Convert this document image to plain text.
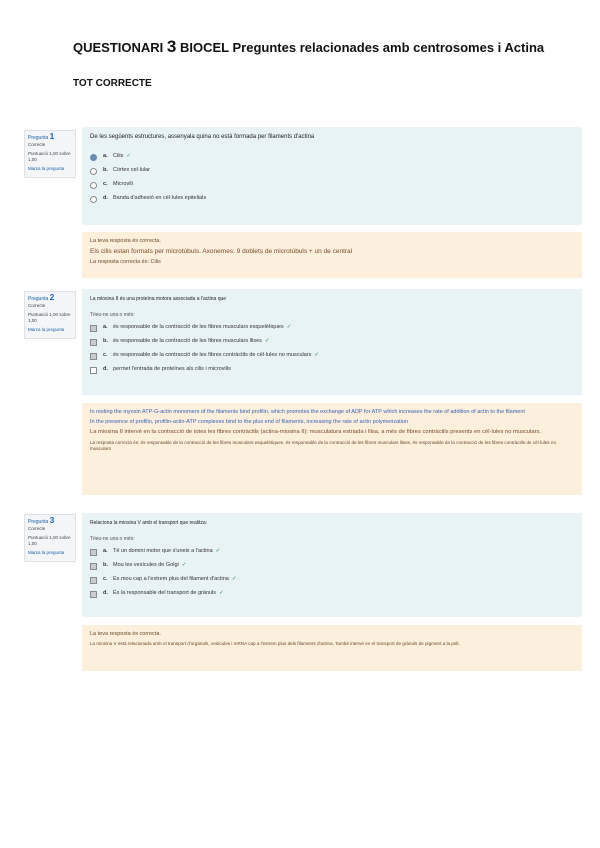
QUESTIONARI 3 BIOCEL Preguntes relacionades amb centrosomes i Actina
TOT CORRECTE
Pregunta 1
Correcte
Puntuació 1,00 sobre 1,00
Marca la pregunta
De les següents estructures, assenyala quina no està formada per filaments d'actina
a. Cilis ✓
b. Còrtex cel·lular
c. Microvili
d. Banda d'adhesió en cèl·lules epitelials

La teva resposta és correcta.

Els cilis estan formats per microtúbuls. Axonemes: 9 doblets de microtúbuls + un de central

La resposta correcta és: Cilis

Pregunta 2
Correcte
Puntuació 1,00 sobre 1,00
Marca la pregunta
La miosina II és una proteïna motora associada a l'actina que
Trieu-ne una o més:
a. és responsable de la contracció de les fibres musculars esquelètiques ✓
b. és responsable de la contracció de les fibres musculars llises ✓
c. és responsable de la contracció de les fibres contràctils de cèl·lules no musculars ✓
d. permet l'entrada de proteïnes als cilis i microvilis

In resting the myosin ATP-G-actin monomers of the filaments bind profilin, which promotes the exchange of ADP for ATP which increases the rate of addition of actin to the filament

In the presence of profilin, profilin-actin-ATP complexes bind to the plus end of filaments, increasing the rate of actin polymerization

La miosina II intervé en la contracció de totes les fibres contràctils (actina-miosina II): musculatura estriada i llisa, a més de fibres contràctils presents en cèl·lules no musculars.

La resposta correcta és: és responsable de la contracció de les fibres musculars esquelètiques, és responsable de la contracció de les fibres musculars llises, és responsable de la contracció de les fibres contràctils de cèl·lules no musculars

Pregunta 3
Correcte
Puntuació 1,00 sobre 1,00
Marca la pregunta
Relaciona la miosina V amb el transport que realitza:
Trieu-ne una o més:
a. Té un domini motor que s'uneix a l'actina ✓
b. Mou les vesícules de Golgi ✓
c. Es mou cap a l'extrem plus del filament d'actina ✓
d. És la responsable del transport de grànuls ✓

La teva resposta és correcta.

La miosina V està relacionada amb el transport d'orgànuls, vesícules i mRNA cap a l'extrem plus dels filaments d'actina. També intervé en el transport de grànuls de pigment a la pell.
